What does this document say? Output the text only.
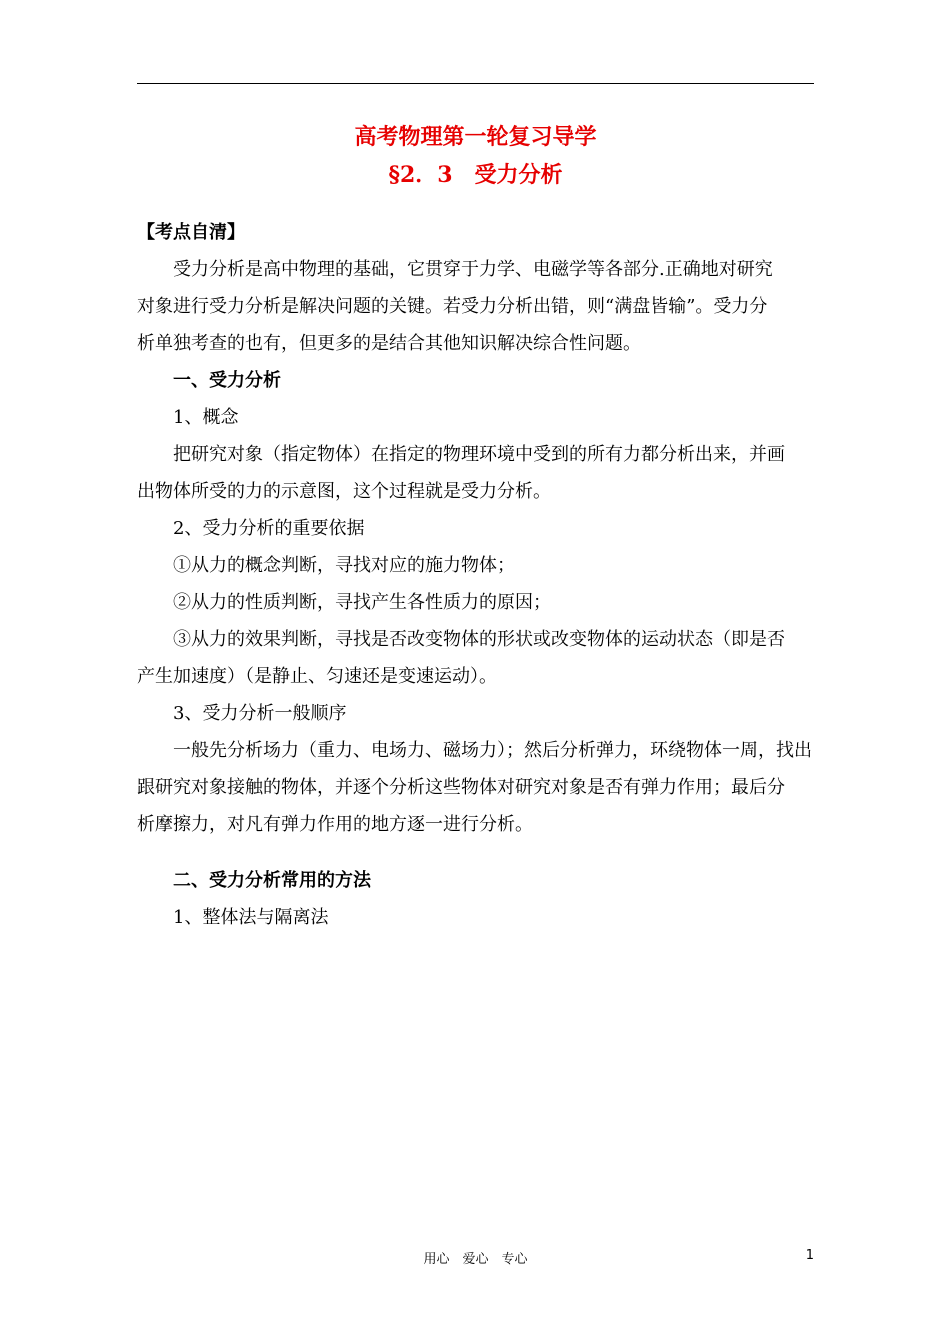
高考物理第一轮复习导学
§2．3　受力分析
【考点自清】
受力分析是高中物理的基础，它贯穿于力学、电磁学等各部分.正确地对研究
对象进行受力分析是解决问题的关键。若受力分析出错，则“满盘皆输”。受力分
析单独考查的也有，但更多的是结合其他知识解决综合性问题。
一、受力分析
1、概念
把研究对象（指定物体）在指定的物理环境中受到的所有力都分析出来，并画
出物体所受的力的示意图，这个过程就是受力分析。
2、受力分析的重要依据
①从力的概念判断，寻找对应的施力物体；
②从力的性质判断，寻找产生各性质力的原因；
③从力的效果判断，寻找是否改变物体的形状或改变物体的运动状态（即是否
产生加速度）（是静止、匀速还是变速运动）。
3、受力分析一般顺序
一般先分析场力（重力、电场力、磁场力）；然后分析弹力，环绕物体一周，找出
跟研究对象接触的物体，并逐个分析这些物体对研究对象是否有弹力作用；最后分
析摩擦力，对凡有弹力作用的地方逐一进行分析。
二、受力分析常用的方法
1、整体法与隔离法
用心　爱心　专心	1
